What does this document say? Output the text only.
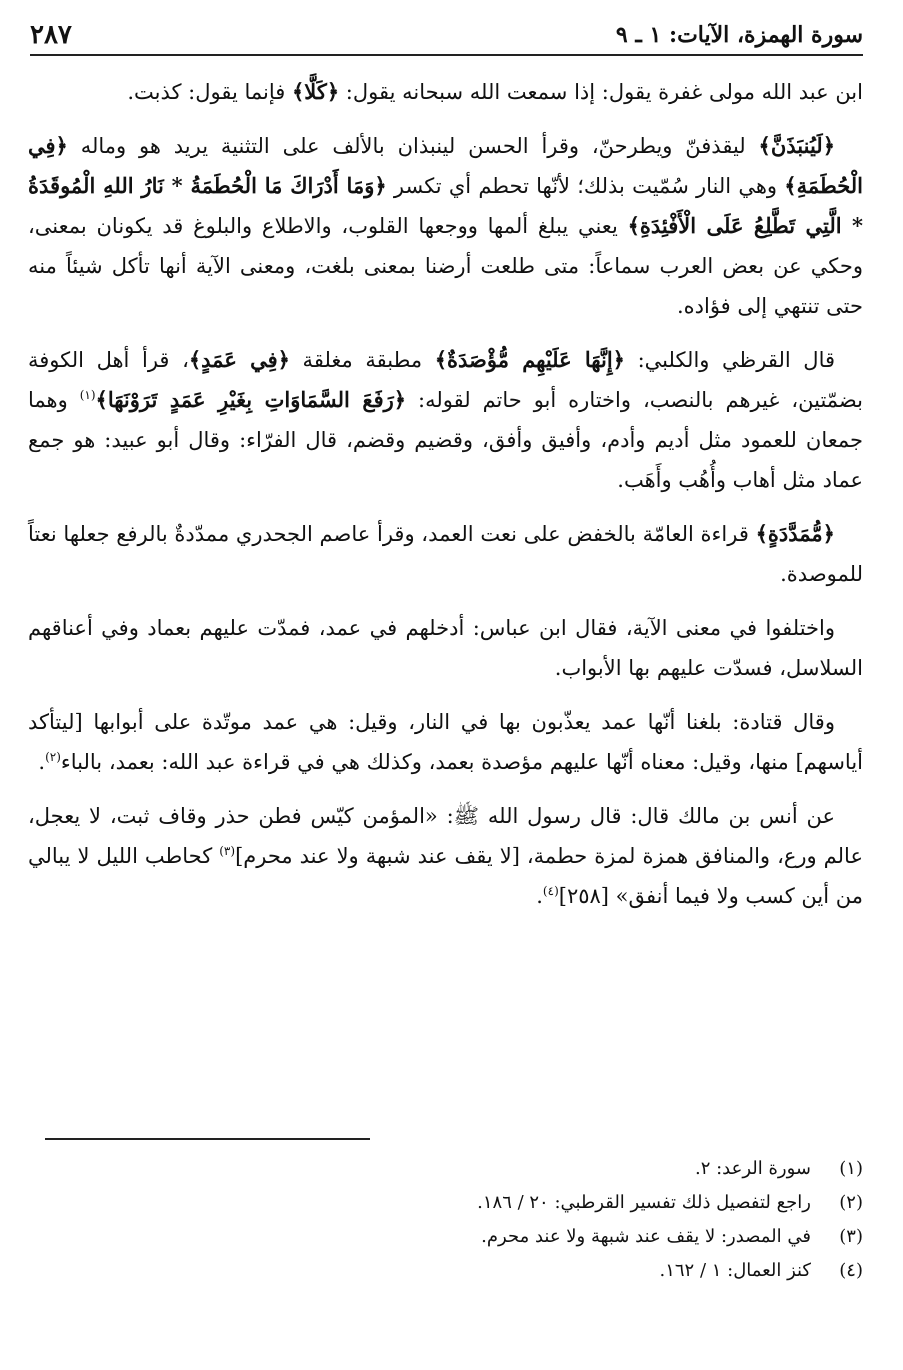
سورة الهمزة، الآيات: ١ ـ ٩
٢٨٧

ابن عبد الله مولى غفرة يقول: إذا سمعت الله سبحانه يقول: ﴿كَلَّا﴾ فإنما يقول: كذبت.

﴿لَيُنبَذَنَّ﴾ ليقذفنّ ويطرحنّ، وقرأ الحسن لينبذان بالألف على التثنية يريد هو وماله ﴿فِي الْحُطَمَةِ﴾ وهي النار سُمّيت بذلك؛ لأنّها تحطم أي تكسر ﴿وَمَا أَدْرَاكَ مَا الْحُطَمَةُ * نَارُ اللهِ الْمُوقَدَةُ * الَّتِي تَطَّلِعُ عَلَى الْأَفْئِدَةِ﴾ يعني يبلغ ألمها ووجعها القلوب، والاطلاع والبلوغ قد يكونان بمعنى، وحكي عن بعض العرب سماعاً: متى طلعت أرضنا بمعنى بلغت، ومعنى الآية أنها تأكل شيئاً منه حتى تنتهي إلى فؤاده.

قال القرظي والكلبي: ﴿إِنَّهَا عَلَيْهِم مُّؤْصَدَةٌ﴾ مطبقة مغلقة ﴿فِي عَمَدٍ﴾، قرأ أهل الكوفة بضمّتين، غيرهم بالنصب، واختاره أبو حاتم لقوله: ﴿رَفَعَ السَّمَاوَاتِ بِغَيْرِ عَمَدٍ تَرَوْنَهَا﴾$^{(١)}$ وهما جمعان للعمود مثل أديم وأدم، وأفيق وأفق، وقضيم وقضم، قال الفرّاء: وقال أبو عبيد: هو جمع عماد مثل أهاب وأُهُب وأَهَب.

﴿مُّمَدَّدَةٍ﴾ قراءة العامّة بالخفض على نعت العمد، وقرأ عاصم الجحدري ممدّدةٌ بالرفع جعلها نعتاً للموصدة.

واختلفوا في معنى الآية، فقال ابن عباس: أدخلهم في عمد، فمدّت عليهم بعماد وفي أعناقهم السلاسل، فسدّت عليهم بها الأبواب.

وقال قتادة: بلغنا أنّها عمد يعذّبون بها في النار، وقيل: هي عمد موتّدة على أبوابها [ليتأكد أياسهم] منها، وقيل: معناه أنّها عليهم مؤصدة بعمد، وكذلك هي في قراءة عبد الله: بعمد، بالباء$^{(٢)}$.

عن أنس بن مالك قال: قال رسول الله ﷺ: «المؤمن كيّس فطن حذر وقاف ثبت، لا يعجل، عالم ورع، والمنافق همزة لمزة حطمة، [لا يقف عند شبهة ولا عند محرم]$^{(٣)}$ كحاطب الليل لا يبالي من أين كسب ولا فيما أنفق» [٢٥٨]$^{(٤)}$.

(١)
سورة الرعد: ٢.
(٢)
راجع لتفصيل ذلك تفسير القرطبي: ٢٠ / ١٨٦.
(٣)
في المصدر: لا يقف عند شبهة ولا عند محرم.
(٤)
كنز العمال: ١ / ١٦٢.
